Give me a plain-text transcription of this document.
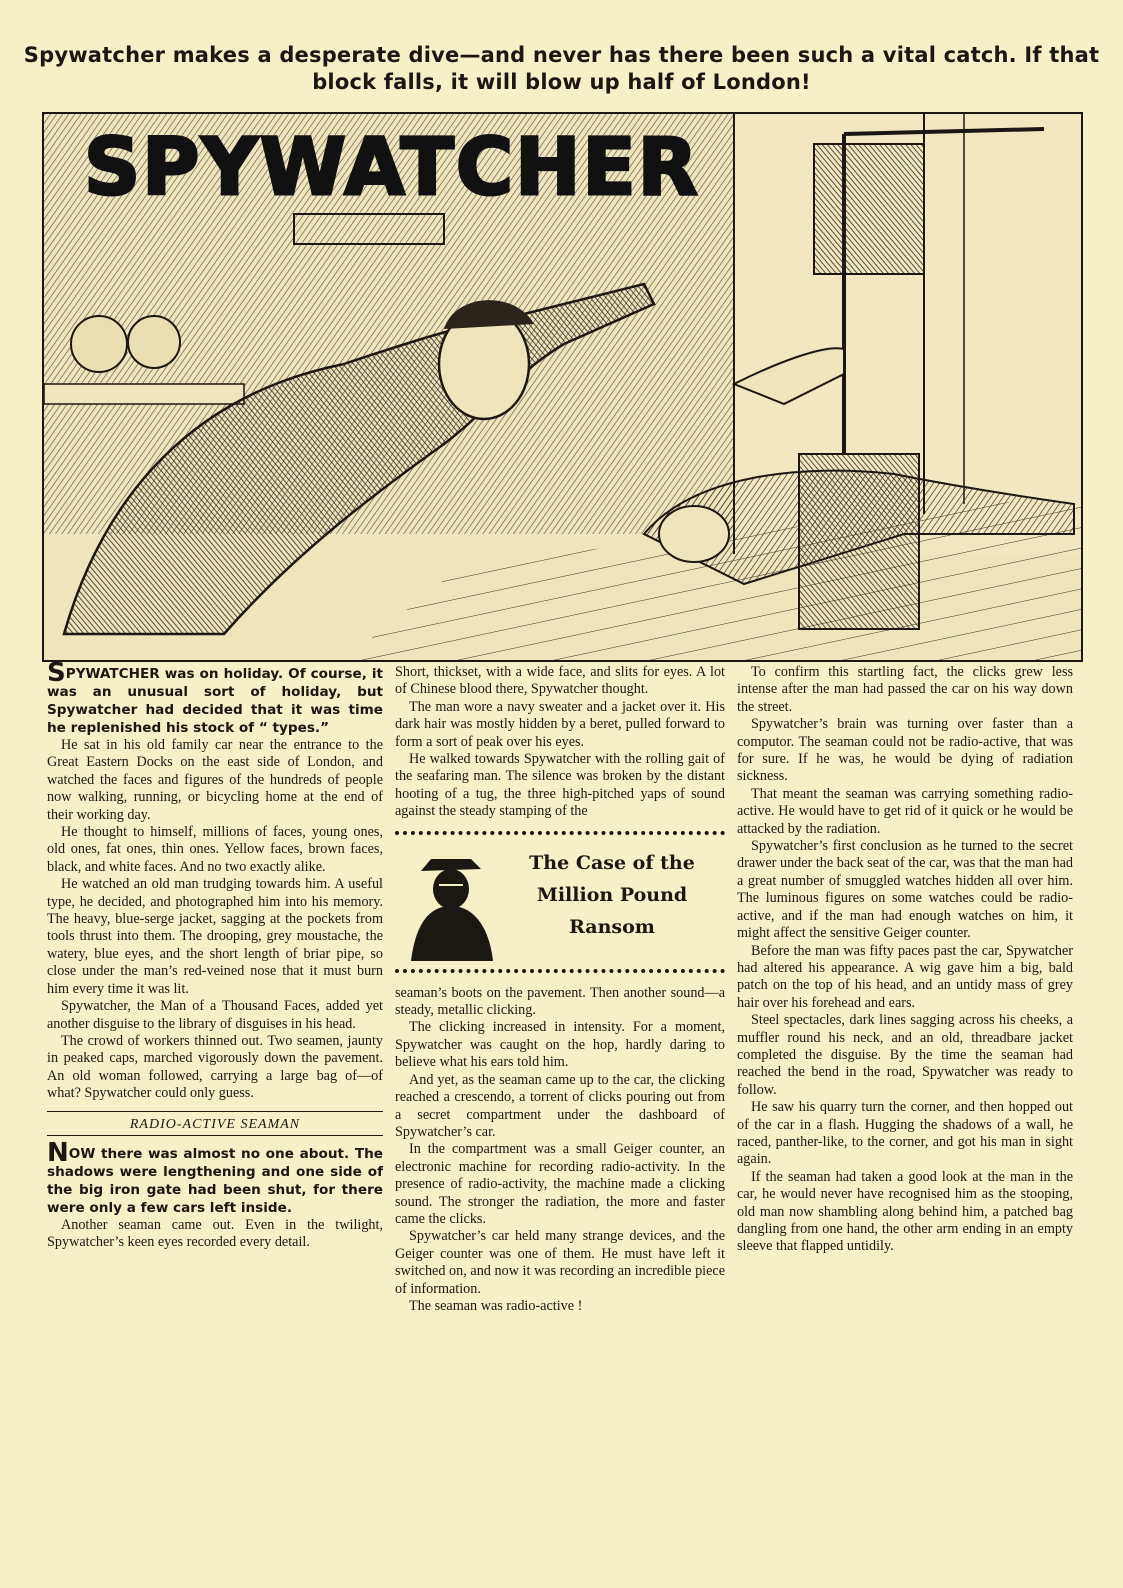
Spywatcher makes a desperate dive—and never has there been such a vital catch. If that
block falls, it will blow up half of London!
SPYWATCHER

SPYWATCHER was on holiday. Of course, it was an unusual sort of holiday, but Spywatcher had decided that it was time he replenished his stock of “ types.”

He sat in his old family car near the entrance to the Great Eastern Docks on the east side of London, and watched the faces and figures of the hundreds of people now walking, running, or bicycling home at the end of their working day.

He thought to himself, millions of faces, young ones, old ones, fat ones, thin ones. Yellow faces, brown faces, black, and white faces. And no two exactly alike.

He watched an old man trudging towards him. A useful type, he decided, and photographed him into his memory. The heavy, blue-serge jacket, sagging at the pockets from tools thrust into them. The drooping, grey moustache, the watery, blue eyes, and the short length of briar pipe, so close under the man’s red-veined nose that it must burn him every time it was lit.

Spywatcher, the Man of a Thousand Faces, added yet another disguise to the library of disguises in his head.

The crowd of workers thinned out. Two seamen, jaunty in peaked caps, marched vigorously down the pavement. An old woman followed, carrying a large bag of—of what? Spywatcher could only guess.

RADIO-ACTIVE SEAMAN

NOW there was almost no one about. The shadows were lengthening and one side of the big iron gate had been shut, for there were only a few cars left inside.

Another seaman came out. Even in the twilight, Spywatcher’s keen eyes recorded every detail.

Short, thickset, with a wide face, and slits for eyes. A lot of Chinese blood there, Spywatcher thought.

The man wore a navy sweater and a jacket over it. His dark hair was mostly hidden by a beret, pulled forward to form a sort of peak over his eyes.

He walked towards Spywatcher with the rolling gait of the seafaring man. The silence was broken by the distant hooting of a tug, the three high-pitched yaps of sound against the steady stamping of the

The Case of the
Million Pound
Ransom

seaman’s boots on the pavement. Then another sound—a steady, metallic clicking.

The clicking increased in intensity. For a moment, Spywatcher was caught on the hop, hardly daring to believe what his ears told him.

And yet, as the seaman came up to the car, the clicking reached a crescendo, a torrent of clicks pouring out from a secret compartment under the dashboard of Spywatcher’s car.

In the compartment was a small Geiger counter, an electronic machine for recording radio-activity. In the presence of radio-activity, the machine made a clicking sound. The stronger the radiation, the more and faster came the clicks.

Spywatcher’s car held many strange devices, and the Geiger counter was one of them. He must have left it switched on, and now it was recording an incredible piece of information.

The seaman was radio-active !

To confirm this startling fact, the clicks grew less intense after the man had passed the car on his way down the street.

Spywatcher’s brain was turning over faster than a computor. The seaman could not be radio-active, that was for sure. If he was, he would be dying of radiation sickness.

That meant the seaman was carrying something radio-active. He would have to get rid of it quick or he would be attacked by the radiation.

Spywatcher’s first conclusion as he turned to the secret drawer under the back seat of the car, was that the man had a great number of smuggled watches hidden all over him. The luminous figures on some watches could be radio-active, and if the man had enough watches on him, it might affect the sensitive Geiger counter.

Before the man was fifty paces past the car, Spywatcher had altered his appearance. A wig gave him a big, bald patch on the top of his head, and an untidy mass of grey hair over his forehead and ears.

Steel spectacles, dark lines sagging across his cheeks, a muffler round his neck, and an old, threadbare jacket completed the disguise. By the time the seaman had reached the bend in the road, Spywatcher was ready to follow.

He saw his quarry turn the corner, and then hopped out of the car in a flash. Hugging the shadows of a wall, he raced, panther-like, to the corner, and got his man in sight again.

If the seaman had taken a good look at the man in the car, he would never have recognised him as the stooping, old man now shambling along behind him, a patched bag dangling from one hand, the other arm ending in an empty sleeve that flapped untidily.
